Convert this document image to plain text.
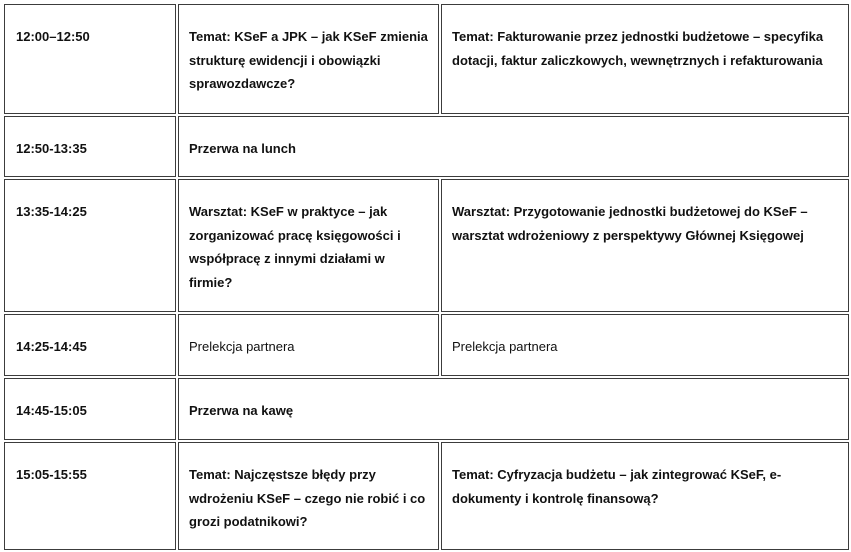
12:00–12:50	Temat: KSeF a JPK – jak KSeF zmienia strukturę ewidencji i obowiązki sprawozdawcze?	Temat: Fakturowanie przez jednostki budżetowe – specyfika dotacji, faktur zaliczkowych, wewnętrznych i refakturowania
12:50-13:35	Przerwa na lunch	
13:35-14:25	Warsztat: KSeF w praktyce – jak zorganizować pracę księgowości i współpracę z innymi działami w firmie?	Warsztat: Przygotowanie jednostki budżetowej do KSeF – warsztat wdrożeniowy z perspektywy Głównej Księgowej
14:25-14:45	Prelekcja partnera	Prelekcja partnera
14:45-15:05	Przerwa na kawę	
15:05-15:55	Temat: Najczęstsze błędy przy wdrożeniu KSeF – czego nie robić i co grozi podatnikowi?	Temat: Cyfryzacja budżetu – jak zintegrować KSeF, e-dokumenty i kontrolę finansową?
